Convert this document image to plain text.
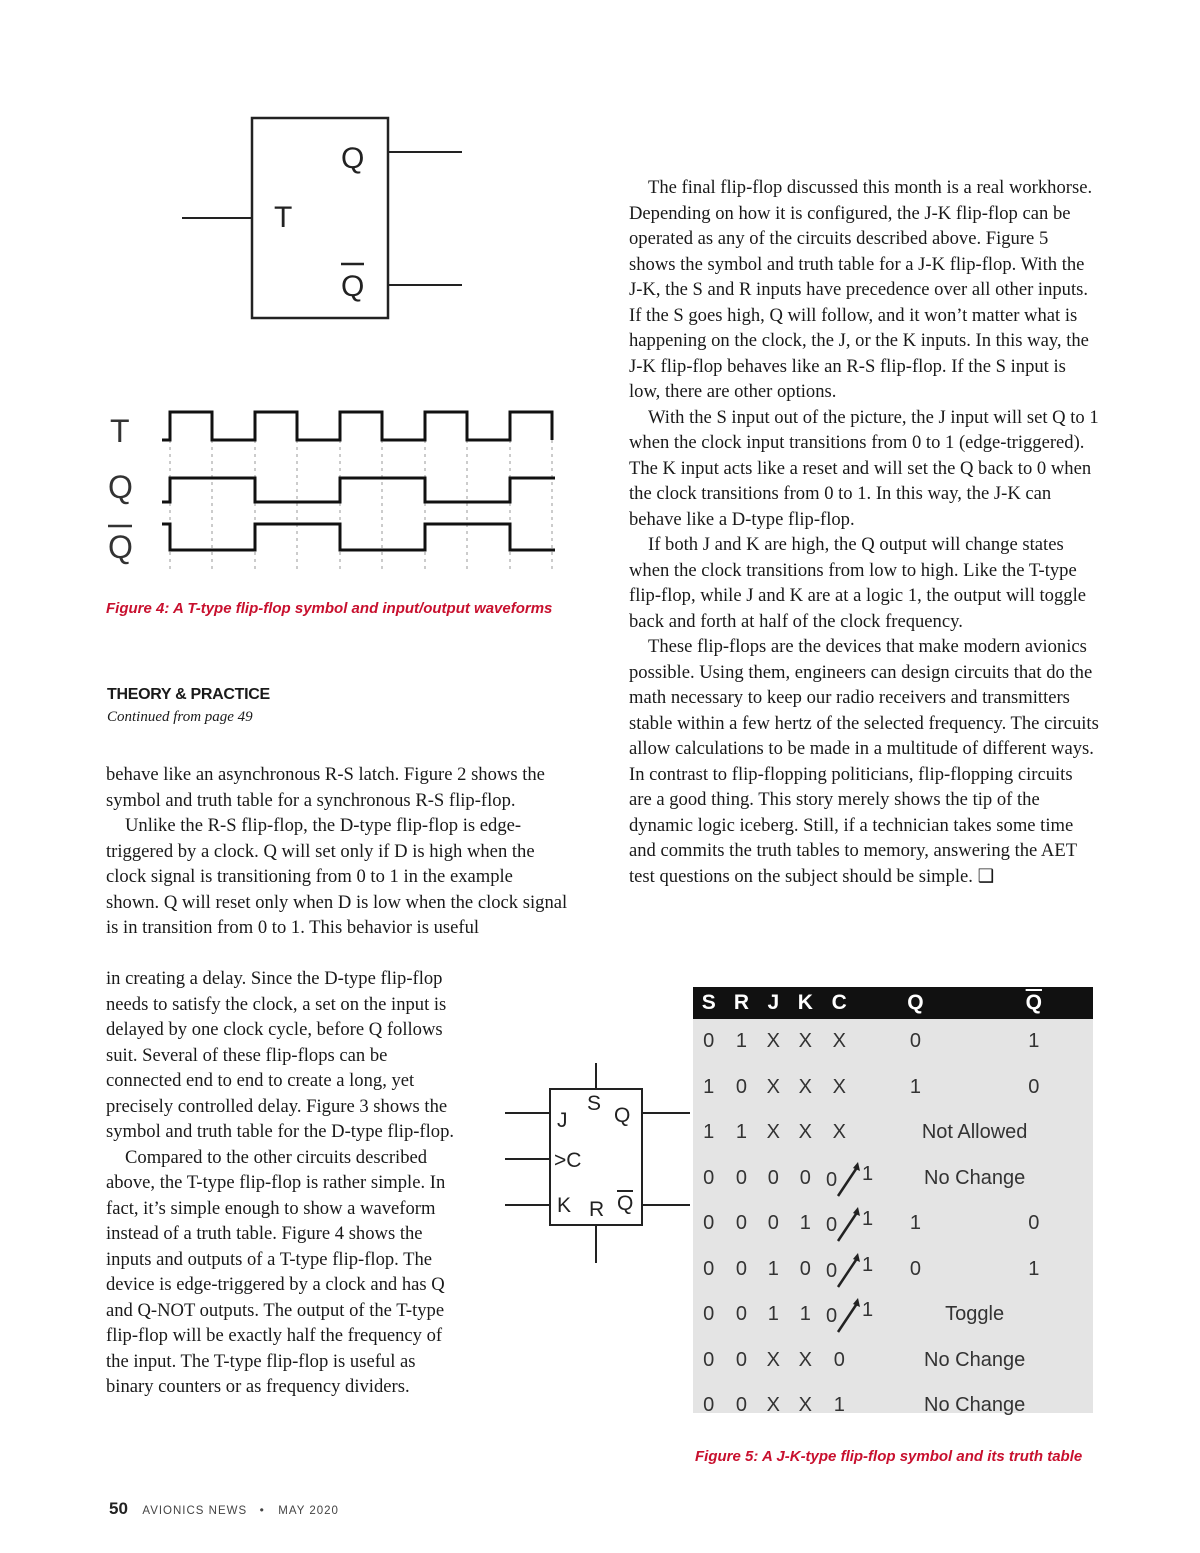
T
Q
Q
T
Q
Q
Figure 4: A T-type flip-flop symbol and input/output waveforms
THEORY & PRACTICE
Continued from page 49

behave like an asynchronous R-S latch. Figure 2 shows the symbol and truth table for a synchronous R-S flip-flop.

Unlike the R-S flip-flop, the D-type flip-flop is edge-triggered by a clock. Q will set only if D is high when the clock signal is transitioning from 0 to 1 in the example shown. Q will reset only when D is low when the clock signal is in transition from 0 to 1. This behavior is useful

in creating a delay. Since the D-type flip-flop needs to satisfy the clock, a set on the input is delayed by one clock cycle, before Q follows suit. Several of these flip-flops can be connected end to end to create a long, yet precisely controlled delay. Figure 3 shows the symbol and truth table for the D-type flip-flop.

Compared to the other circuits described above, the T-type flip-flop is rather simple. In fact, it’s simple enough to show a waveform instead of a truth table. Figure 4 shows the inputs and outputs of a T-type flip-flop. The device is edge-triggered by a clock and has Q and Q-NOT outputs. The output of the T-type flip-flop will be exactly half the frequency of the input. The T-type flip-flop is useful as binary counters or as frequency dividers.

The final flip-flop discussed this month is a real workhorse. Depending on how it is configured, the J-K flip-flop can be operated as any of the circuits described above. Figure 5 shows the symbol and truth table for a J-K flip-flop. With the J-K, the S and R inputs have precedence over all other inputs. If the S goes high, Q will follow, and it won’t matter what is happening on the clock, the J, or the K inputs. In this way, the J-K flip-flop behaves like an R-S flip-flop. If the S input is low, there are other options.

With the S input out of the picture, the J input will set Q to 1 when the clock input transitions from 0 to 1 (edge-triggered). The K input acts like a reset and will set the Q back to 0 when the clock transitions from 0 to 1. In this way, the J-K can behave like a D-type flip-flop.

If both J and K are high, the Q output will change states when the clock transitions from low to high. Like the T-type flip-flop, while J and K are at a logic 1, the output will toggle back and forth at half of the clock frequency.

These flip-flops are the devices that make modern avionics possible. Using them, engineers can design circuits that do the math necessary to keep our radio receivers and transmitters stable within a few hertz of the selected frequency. The circuits allow calculations to be made in a multitude of different ways. In contrast to flip-flopping politicians, flip-flopping circuits are a good thing. This story merely shows the tip of the dynamic logic iceberg. Still, if a technician takes some time and commits the truth tables to memory, answering the AET test questions on the subject should be simple. ❑

J
S
Q
>C
K R Q
S	R	J	K	C	Q	$\overline{Q}$
0	1	X	X	X	0	1
1	0	X	X	X	1	0
1	1	X	X	X	Not Allowed	
0	0	0	0	0 1	No Change	
0	0	0	1	0 1	1	0
0	0	1	0	0 1	0	1
0	0	1	1	0 1	Toggle	
0	0	X	X	0	No Change	
0	0	X	X	1	No Change	
Figure 5: A J-K-type flip-flop symbol and its truth table
50 AVIONICS NEWS • MAY 2020
